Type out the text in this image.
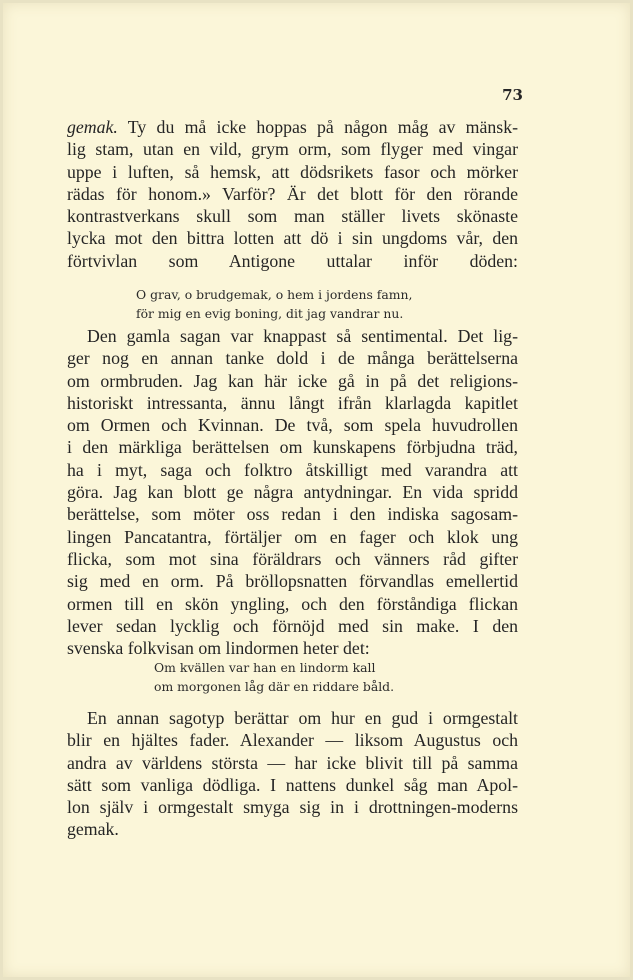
73
gemak. Ty du må icke hoppas på någon måg av mänsk-
lig stam, utan en vild, grym orm, som flyger med vingar
uppe i luften, så hemsk, att dödsrikets fasor och mörker
rädas för honom.» Varför? Är det blott för den rörande
kontrastverkans skull som man ställer livets skönaste
lycka mot den bittra lotten att dö i sin ungdoms vår, den
förtvivlan som Antigone uttalar inför döden:
O grav, o brudgemak, o hem i jordens famn,
för mig en evig boning, dit jag vandrar nu.
Den gamla sagan var knappast så sentimental. Det lig-
ger nog en annan tanke dold i de många berättelserna
om ormbruden. Jag kan här icke gå in på det religions-
historiskt intressanta, ännu långt ifrån klarlagda kapitlet
om Ormen och Kvinnan. De två, som spela huvudrollen
i den märkliga berättelsen om kunskapens förbjudna träd,
ha i myt, saga och folktro åtskilligt med varandra att
göra. Jag kan blott ge några antydningar. En vida spridd
berättelse, som möter oss redan i den indiska sagosam-
lingen Pancatantra, förtäljer om en fager och klok ung
flicka, som mot sina föräldrars och vänners råd gifter
sig med en orm. På bröllopsnatten förvandlas emellertid
ormen till en skön yngling, och den förståndiga flickan
lever sedan lycklig och förnöjd med sin make. I den
svenska folkvisan om lindormen heter det:
Om kvällen var han en lindorm kall
om morgonen låg där en riddare båld.
En annan sagotyp berättar om hur en gud i ormgestalt
blir en hjältes fader. Alexander — liksom Augustus och
andra av världens största — har icke blivit till på samma
sätt som vanliga dödliga. I nattens dunkel såg man Apol-
lon själv i ormgestalt smyga sig in i drottningen-moderns
gemak.
